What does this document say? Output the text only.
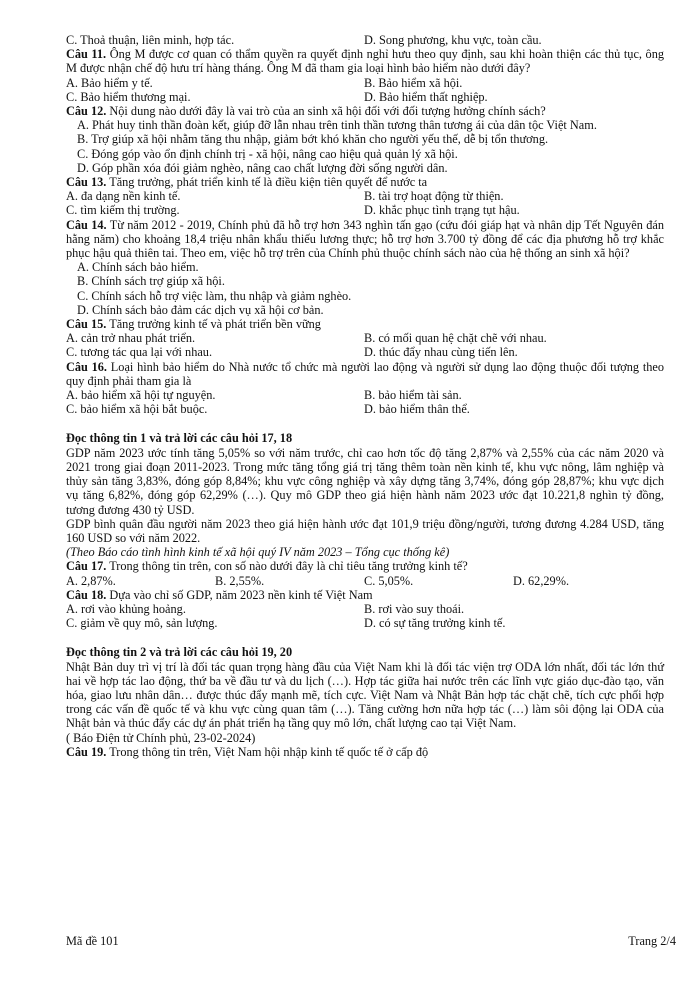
C. Thoả thuận, liên minh, hợp tác.	D. Song phương, khu vực, toàn cầu.

Câu 11. Ông M được cơ quan có thẩm quyền ra quyết định nghỉ hưu theo quy định, sau khi hoàn thiện các thủ tục, ông M được nhận chế độ hưu trí hàng tháng. Ông M đã tham gia loại hình bảo hiểm nào dưới đây?

A. Bảo hiểm y tế.	B. Bảo hiểm xã hội.
C. Bảo hiểm thương mại.	D. Bảo hiểm thất nghiệp.

Câu 12. Nội dung nào dưới đây là vai trò của an sinh xã hội đối với đối tượng hưởng chính sách?

A. Phát huy tinh thần đoàn kết, giúp đỡ lẫn nhau trên tinh thần tương thân tương ái của dân tộc Việt Nam.

B. Trợ giúp xã hội nhằm tăng thu nhập, giảm bớt khó khăn cho người yếu thế, dễ bị tổn thương.

C. Đóng góp vào ổn định chính trị - xã hội, nâng cao hiệu quả quản lý xã hội.

D. Góp phần xóa đói giảm nghèo, nâng cao chất lượng đời sống người dân.

Câu 13. Tăng trưởng, phát triển kinh tế là điều kiện tiên quyết để nước ta

A. đa dạng nền kinh tế.	B. tài trợ hoạt động từ thiện.
C. tìm kiếm thị trường.	D. khắc phục tình trạng tụt hậu.

Câu 14. Từ năm 2012 - 2019, Chính phủ đã hỗ trợ hơn 343 nghìn tấn gạo (cứu đói giáp hạt và nhân dịp Tết Nguyên đán hằng năm) cho khoảng 18,4 triệu nhân khẩu thiếu lương thực; hỗ trợ hơn 3.700 tỷ đồng để các địa phương hỗ trợ khắc phục hậu quả thiên tai. Theo em, việc hỗ trợ trên của Chính phủ thuộc chính sách nào của hệ thống an sinh xã hội?

A. Chính sách bảo hiểm.

B. Chính sách trợ giúp xã hội.

C. Chính sách hỗ trợ việc làm, thu nhập và giảm nghèo.

D. Chính sách bảo đảm các dịch vụ xã hội cơ bản.

Câu 15. Tăng trưởng kinh tế và phát triển bền vững

A. cản trở nhau phát triển.	B. có mối quan hệ chặt chẽ với nhau.
C. tương tác qua lại với nhau.	D. thúc đẩy nhau cùng tiến lên.

Câu 16. Loại hình bảo hiểm do Nhà nước tổ chức mà người lao động và người sử dụng lao động thuộc đối tượng theo quy định phải tham gia là

A. bảo hiểm xã hội tự nguyện.	B. bảo hiểm tài sản.
C. bảo hiểm xã hội bắt buộc.	D. bảo hiểm thân thể.

Đọc thông tin 1 và trả lời các câu hỏi 17, 18

GDP năm 2023 ước tính tăng 5,05% so với năm trước, chỉ cao hơn tốc độ tăng 2,87% và 2,55% của các năm 2020 và 2021 trong giai đoạn 2011-2023. Trong mức tăng tổng giá trị tăng thêm toàn nền kinh tế, khu vực nông, lâm nghiệp và thủy sản tăng 3,83%, đóng góp 8,84%; khu vực công nghiệp và xây dựng tăng 3,74%, đóng góp 28,87%; khu vực dịch vụ tăng 6,82%, đóng góp 62,29% (…). Quy mô GDP theo giá hiện hành năm 2023 ước đạt 10.221,8 nghìn tỷ đồng, tương đương 430 tỷ USD.

GDP bình quân đầu người năm 2023 theo giá hiện hành ước đạt 101,9 triệu đồng/người, tương đương 4.284 USD, tăng 160 USD so với năm 2022.

(Theo Báo cáo tình hình kinh tế xã hội quý IV năm 2023 – Tổng cục thống kê)

Câu 17. Trong thông tin trên, con số nào dưới đây là chỉ tiêu tăng trưởng kinh tế?

A. 2,87%.	B. 2,55%.	C. 5,05%.	D. 62,29%.

Câu 18. Dựa vào chỉ số GDP, năm 2023 nền kinh tế Việt Nam

A. rơi vào khủng hoảng.	B. rơi vào suy thoái.
C. giảm về quy mô, sản lượng.	D. có sự tăng trưởng kinh tế.

Đọc thông tin 2 và trả lời các câu hỏi 19, 20

Nhật Bản duy trì vị trí là đối tác quan trọng hàng đầu của Việt Nam khi là đối tác viện trợ ODA lớn nhất, đối tác lớn thứ hai về hợp tác lao động, thứ ba về đầu tư và du lịch (…). Hợp tác giữa hai nước trên các lĩnh vực giáo dục-đào tạo, văn hóa, giao lưu nhân dân… được thúc đẩy mạnh mẽ, tích cực. Việt Nam và Nhật Bản hợp tác chặt chẽ, tích cực phối hợp trong các vấn đề quốc tế và khu vực cùng quan tâm (…). Tăng cường hơn nữa hợp tác (…) làm sôi động lại ODA của Nhật bản và thúc đẩy các dự án phát triển hạ tầng quy mô lớn, chất lượng cao tại Việt Nam.

( Báo Điện tử Chính phủ, 23-02-2024)

Câu 19. Trong thông tin trên, Việt Nam hội nhập kinh tế quốc tế ở cấp độ

Mã đề 101	Trang 2/4
